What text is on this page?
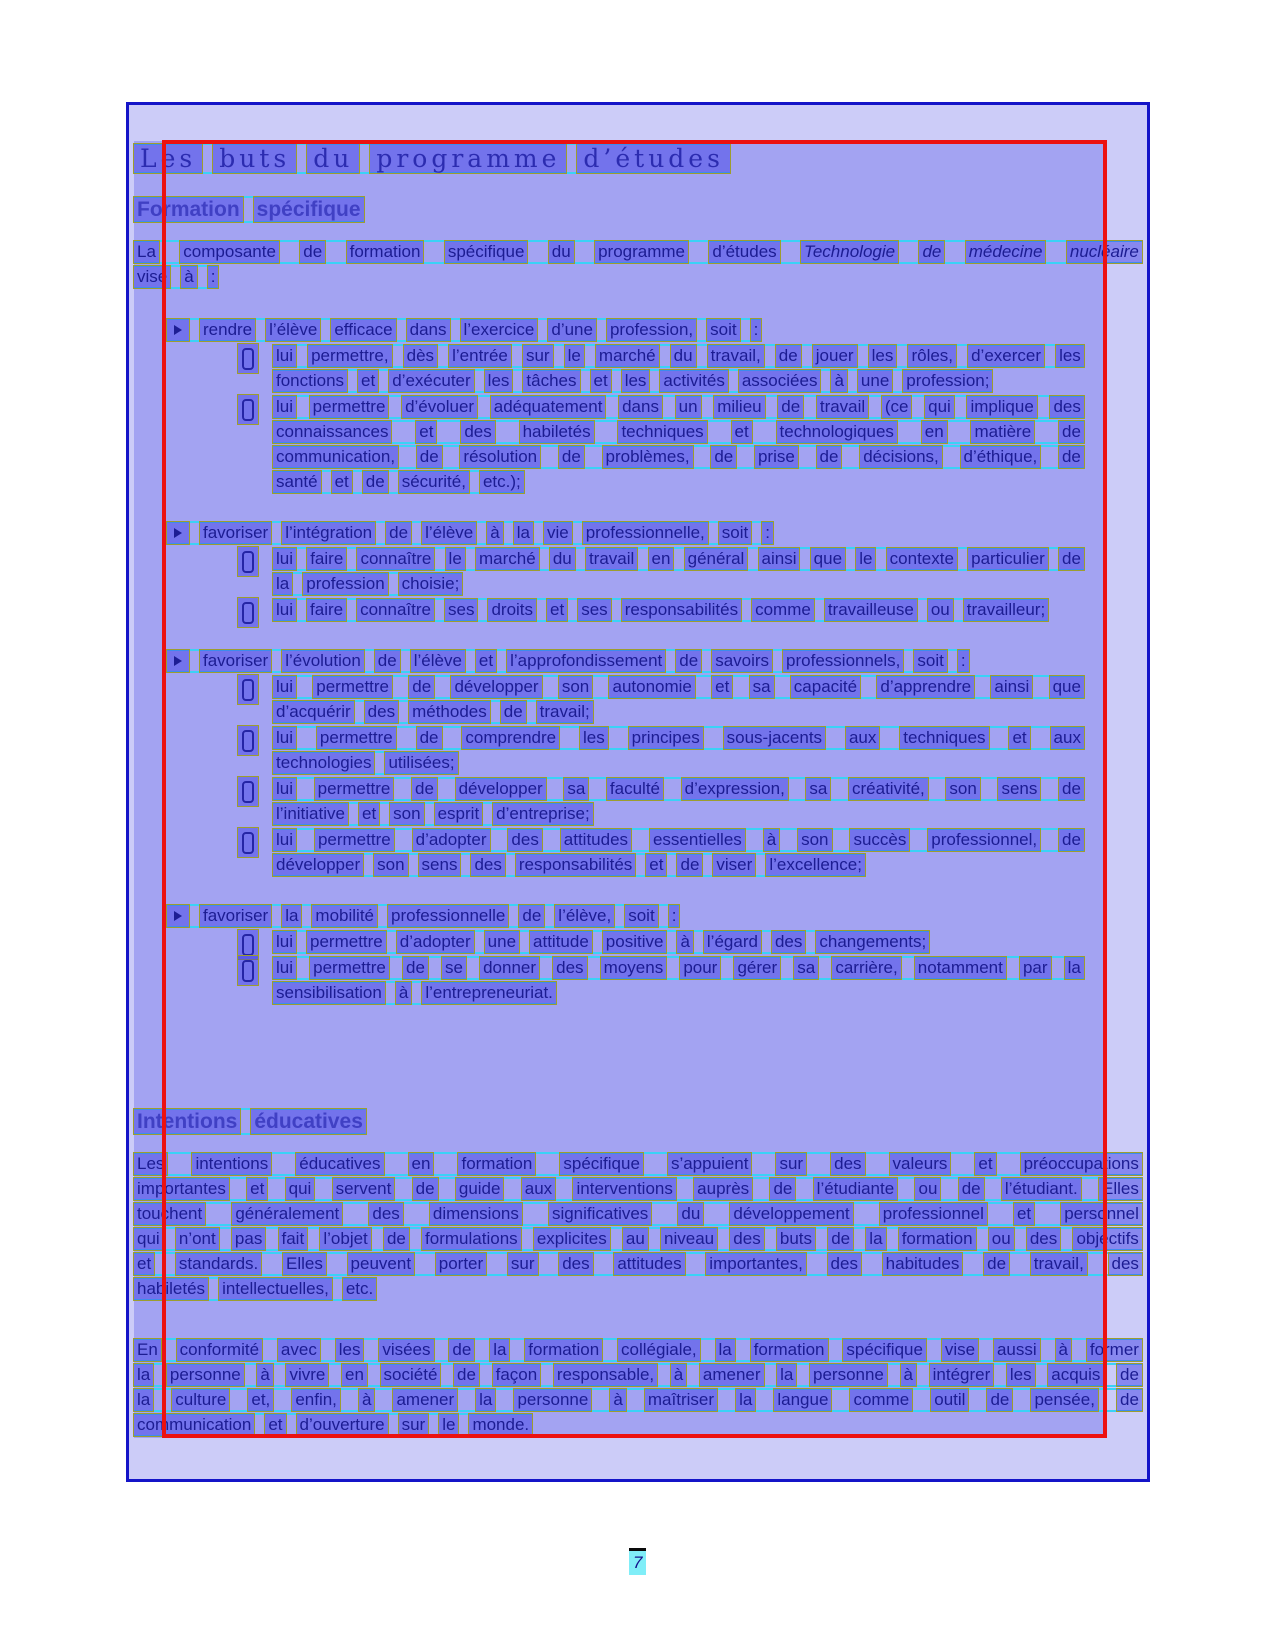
Les buts du programme d’études
Formation spécifique
La composante de formation spécifique du programme d’études Technologie de médecine nucléaire
vise à :
rendre l’élève efficace dans l’exercice d’une profession, soit :
lui permettre, dès l’entrée sur le marché du travail, de jouer les rôles, d’exercer les
fonctions et d’exécuter les tâches et les activités associées à une profession;
lui permettre d’évoluer adéquatement dans un milieu de travail (ce qui implique des
connaissances et des habiletés techniques et technologiques en matière de
communication, de résolution de problèmes, de prise de décisions, d’éthique, de
santé et de sécurité, etc.);
favoriser l’intégration de l’élève à la vie professionnelle, soit :
lui faire connaître le marché du travail en général ainsi que le contexte particulier de
la profession choisie;
lui faire connaître ses droits et ses responsabilités comme travailleuse ou travailleur;
favoriser l’évolution de l’élève et l’approfondissement de savoirs professionnels, soit :
lui permettre de développer son autonomie et sa capacité d’apprendre ainsi que
d’acquérir des méthodes de travail;
lui permettre de comprendre les principes sous-jacents aux techniques et aux
technologies utilisées;
lui permettre de développer sa faculté d’expression, sa créativité, son sens de
l’initiative et son esprit d’entreprise;
lui permettre d’adopter des attitudes essentielles à son succès professionnel, de
développer son sens des responsabilités et de viser l’excellence;
favoriser la mobilité professionnelle de l’élève, soit :
lui permettre d’adopter une attitude positive à l’égard des changements;
lui permettre de se donner des moyens pour gérer sa carrière, notamment par la
sensibilisation à l’entrepreneuriat.
Intentions éducatives
Les intentions éducatives en formation spécifique s’appuient sur des valeurs et préoccupations
importantes et qui servent de guide aux interventions auprès de l’étudiante ou de l’étudiant. Elles
touchent généralement des dimensions significatives du développement professionnel et personnel
qui n’ont pas fait l’objet de formulations explicites au niveau des buts de la formation ou des objectifs
et standards. Elles peuvent porter sur des attitudes importantes, des habitudes de travail, des
habiletés intellectuelles, etc.
En conformité avec les visées de la formation collégiale, la formation spécifique vise aussi à former
la personne à vivre en société de façon responsable, à amener la personne à intégrer les acquis de
la culture et, enfin, à amener la personne à maîtriser la langue comme outil de pensée, de
communication et d’ouverture sur le monde.
7
